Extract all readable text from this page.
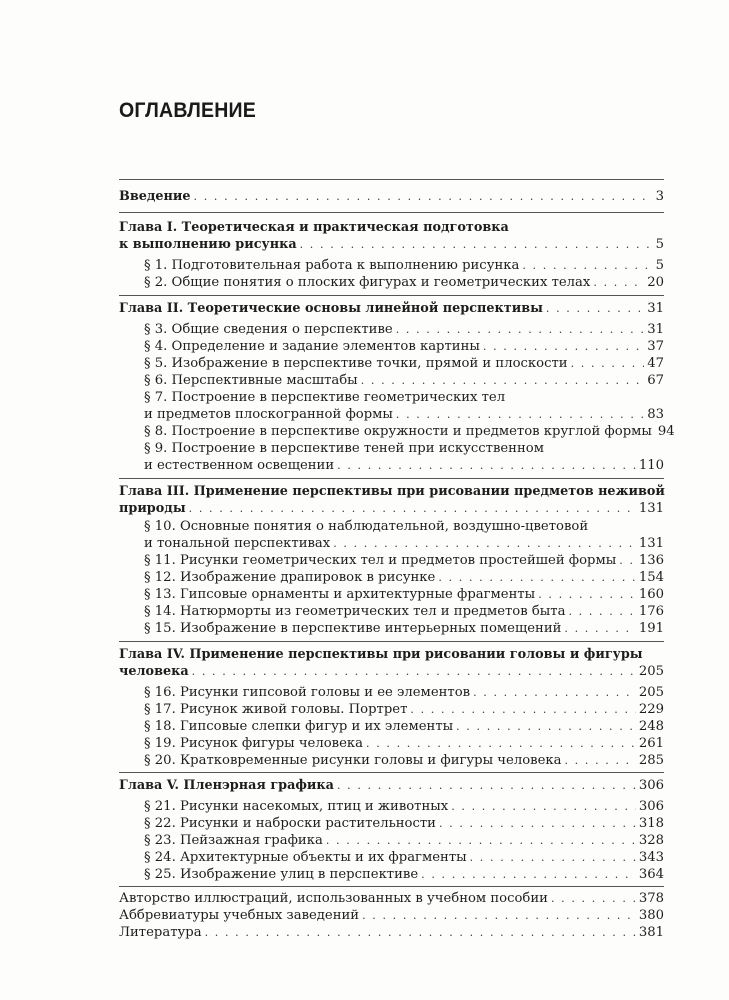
ОГЛАВЛЕНИЕ
Введение . . .	3
Глава I. Теоретическая и практическая подготовка
к выполнению рисунка . . .	5
§ 1. Подготовительная работа к выполнению рисунка . . .	5
§ 2. Общие понятия о плоских фигурах и геометрических телах . . .	20
Глава II. Теоретические основы линейной перспективы . . .	31
§ 3. Общие сведения о перспективе . . .	31
§ 4. Определение и задание элементов картины . . .	37
§ 5. Изображение в перспективе точки, прямой и плоскости . . .	47
§ 6. Перспективные масштабы . . .	67
§ 7. Построение в перспективе геометрических тел
и предметов плоскогранной формы . . .	83
§ 8. Построение в перспективе окружности и предметов круглой формы 94
§ 9. Построение в перспективе теней при искусственном
и естественном освещении . . .	110
Глава III. Применение перспективы при рисовании предметов неживой
природы . . .	131
§ 10. Основные понятия о наблюдательной, воздушно-цветовой
и тональной перспективах . . .	131
§ 11. Рисунки геометрических тел и предметов простейшей формы . . . 136
§ 12. Изображение драпировок в рисунке . . .	154
§ 13. Гипсовые орнаменты и архитектурные фрагменты . . .	160
§ 14. Натюрморты из геометрических тел и предметов быта . . .	176
§ 15. Изображение в перспективе интерьерных помещений . . .	191
Глава IV. Применение перспективы при рисовании головы и фигуры
человека . . .	205
§ 16. Рисунки гипсовой головы и ее элементов . . .	205
§ 17. Рисунок живой головы. Портрет . . .	229
§ 18. Гипсовые слепки фигур и их элементы . . .	248
§ 19. Рисунок фигуры человека . . .	261
§ 20. Кратковременные рисунки головы и фигуры человека . . .	285
Глава V. Пленэрная графика . . .	306
§ 21. Рисунки насекомых, птиц и животных . . .	306
§ 22. Рисунки и наброски растительности . . .	318
§ 23. Пейзажная графика . . .	328
§ 24. Архитектурные объекты и их фрагменты . . .	343
§ 25. Изображение улиц в перспективе . . .	364
Авторство иллюстраций, использованных в учебном пособии . . .	378
Аббревиатуры учебных заведений . . .	380
Литература . . .	381
